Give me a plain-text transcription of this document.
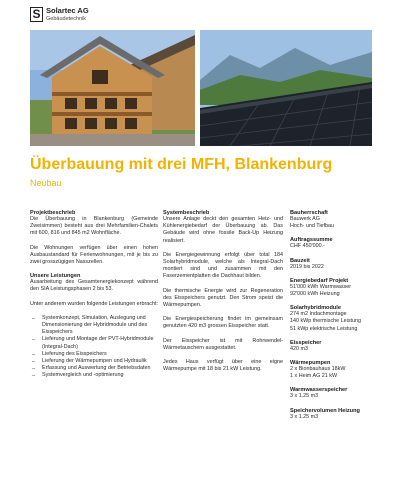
S Solartec AG
Gebäudetechnik
Überbauung mit drei MFH, Blankenburg
Neubau
Projektbeschrieb

Die Überbauung in Blankenburg (Gemeinde Zweisimmen) besteht aus drei Mehrfamilien-Chalets mit 600, 816 und 845 m2 Wohnfläche.

Die Wohnungen verfügen über einen hohen Ausbaustandard für Ferienwohnungen, mit je bis zu zwei grosszügigen Nasszellen.

Unsere Leistungen

Ausarbeitung des Gesamtenergiekonzept während den SIA Leistungsphasen 2 bis 53.

Unter anderem wurden folgende Leistungen erbracht:

_ Systemkonzept, Simulation, Auslegung und Dimensionierung der Hybridmodule und des Eisspeichers
_ Lieferung und Montage der PVT-Hybridmodule (Integral-Dach)
_ Lieferung des Eisspeichers
_ Lieferung der Wärmepumpen und Hydraulik
_ Erfassung und Auswertung der Betriebsdaten
_ Systemvergleich und -optimierung
Systembeschrieb

Unsere Anlage deckt den gesamten Heiz- und Kühlenergiebedarf der Überbauung ab. Das Gebäude wird ohne fossile Back-Up Heizung realisiert.

Die Energiegewinnung erfolgt über total 184 Solarhybridmodule, welche als Integral-Dach montiert sind und zusammen mit den Faserzementplatten die Dachhaut bilden.

Die thermische Energie wird zur Regeneration des Eisspeichers genutzt. Den Strom speist die Wärmepumpen.

Die Energiespeicherung findet im gemeinsam genutzten 420 m3 grossen Eisspeicher statt.

Der Eisspeicher ist mit Rohrwendel-Wärmetauschern ausgestattet.

Jedes Haus verfügt über eine eigne Wärmepumpe mit 18 bis 21 kW Leistung.

Bauherrschaft

Bauwerk AG
Hoch- und Tiefbau

Auftragssumme

CHF 450'000.-

Bauzeit

2019 bis 2022

Energiebedarf Projekt

51'000 kWh Warmwasser
92'000 kWh Heizung

Solarhybridmodule

274 m2 Indachmontage
140 kWp thermische Leistung
51 kWp elektrische Leistung

Eisspeicher

420 m3

Wärmepumpen

2 x Bionbauhaus 18kW
1 x Heim AG 21 kW

Warmwasserspeicher

3 x 1.25 m3

Speichervolumen Heizung

3 x 1.25 m3
